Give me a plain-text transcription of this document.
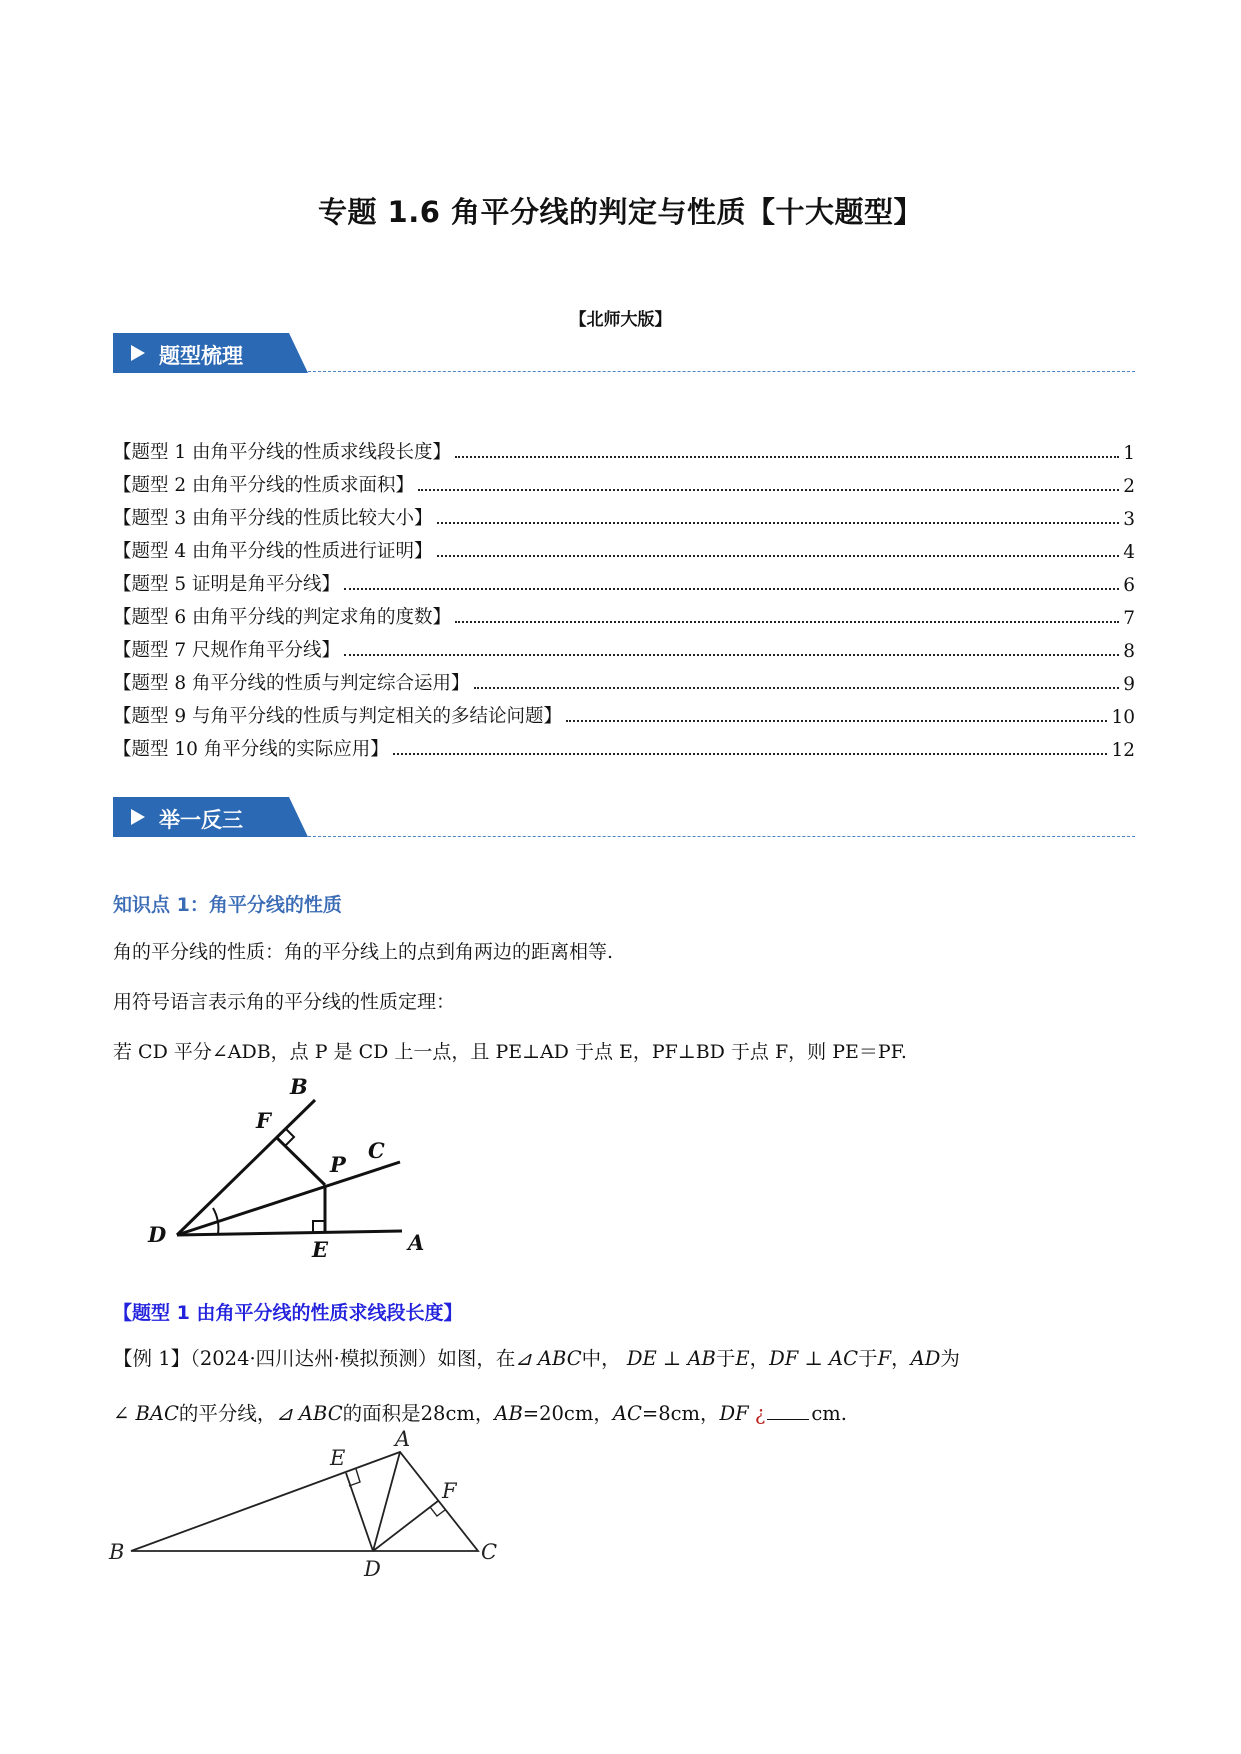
专题 1.6 角平分线的判定与性质【十大题型】
【北师大版】
题型梳理
【题型 1 由角平分线的性质求线段长度】	1
【题型 2 由角平分线的性质求面积】	2
【题型 3 由角平分线的性质比较大小】	3
【题型 4 由角平分线的性质进行证明】	4
【题型 5 证明是角平分线】	6
【题型 6 由角平分线的判定求角的度数】	7
【题型 7 尺规作角平分线】	8
【题型 8 角平分线的性质与判定综合运用】	9
【题型 9 与角平分线的性质与判定相关的多结论问题】	10
【题型 10 角平分线的实际应用】	12
举一反三
知识点 1：角平分线的性质
角的平分线的性质：角的平分线上的点到角两边的距离相等.
用符号语言表示角的平分线的性质定理：
若 CD 平分∠ADB，点 P 是 CD 上一点，且 PE⊥AD 于点 E，PF⊥BD 于点 F，则 PE＝PF.
B
F
P
C
D
E	A
【题型 1 由角平分线的性质求线段长度】
【例 1】（2024·四川达州·模拟预测）如图，在⊿ ABC中， DE ⊥ AB于E，DF ⊥ AC于F，AD为
∠ BAC的平分线，⊿ ABC的面积是28cm，AB=20cm，AC=8cm，DF ¿ cm.
A
B	C
D
E
F
